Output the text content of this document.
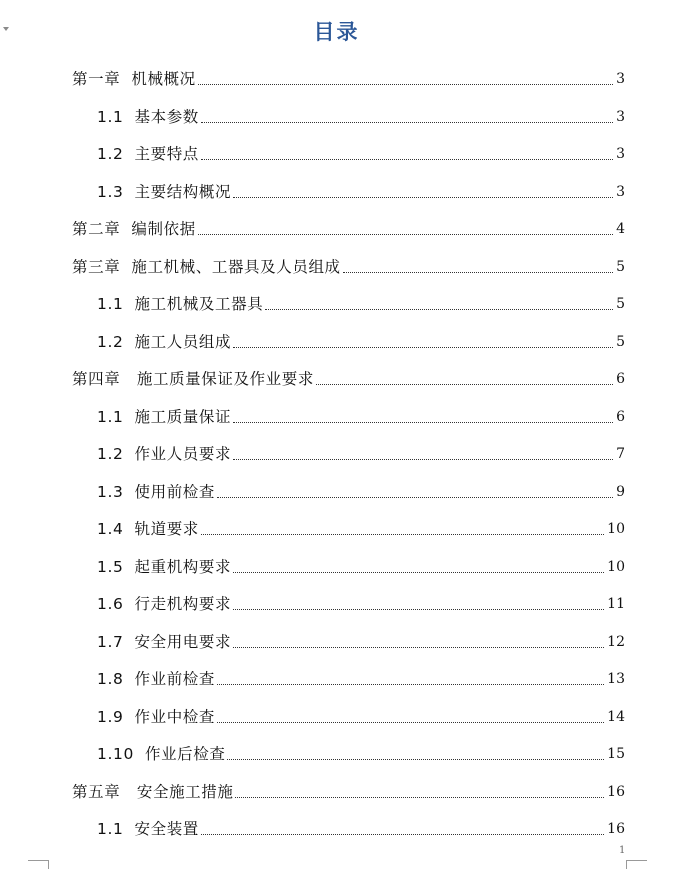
目录
第一章  机械概况	3
1.1  基本参数	3
1.2  主要特点	3
1.3  主要结构概况	3
第二章  编制依据	4
第三章  施工机械、工器具及人员组成	5
1.1  施工机械及工器具	5
1.2  施工人员组成	5
第四章   施工质量保证及作业要求	6
1.1  施工质量保证	6
1.2  作业人员要求	7
1.3  使用前检查	9
1.4  轨道要求	10
1.5  起重机构要求	10
1.6  行走机构要求	11
1.7  安全用电要求	12
1.8  作业前检查	13
1.9  作业中检查	14
1.10  作业后检查	15
第五章   安全施工措施	16
1.1  安全装置	16
1
